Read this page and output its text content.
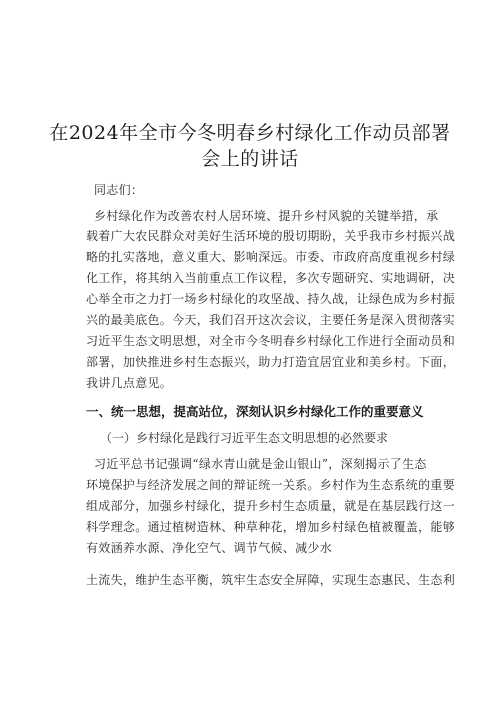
在2024年全市今冬明春乡村绿化工作动员部署
会上的讲话
同志们：
乡村绿化作为改善农村人居环境、提升乡村风貌的关键举措，承
载着广大农民群众对美好生活环境的殷切期盼，关乎我市乡村振兴战
略的扎实落地，意义重大、影响深远。市委、市政府高度重视乡村绿
化工作，将其纳入当前重点工作议程，多次专题研究、实地调研，决
心举全市之力打一场乡村绿化的攻坚战、持久战，让绿色成为乡村振
兴的最美底色。今天，我们召开这次会议，主要任务是深入贯彻落实
习近平生态文明思想，对全市今冬明春乡村绿化工作进行全面动员和
部署，加快推进乡村生态振兴，助力打造宜居宜业和美乡村。下面，
我讲几点意见。
一、统一思想，提高站位，深刻认识乡村绿化工作的重要意义
（一）乡村绿化是践行习近平生态文明思想的必然要求
习近平总书记强调“绿水青山就是金山银山”，深刻揭示了生态
环境保护与经济发展之间的辩证统一关系。乡村作为生态系统的重要
组成部分，加强乡村绿化，提升乡村生态质量，就是在基层践行这一
科学理念。通过植树造林、种草种花，增加乡村绿色植被覆盖，能够
有效涵养水源、净化空气、调节气候、减少水
土流失，维护生态平衡，筑牢生态安全屏障，实现生态惠民、生态利
